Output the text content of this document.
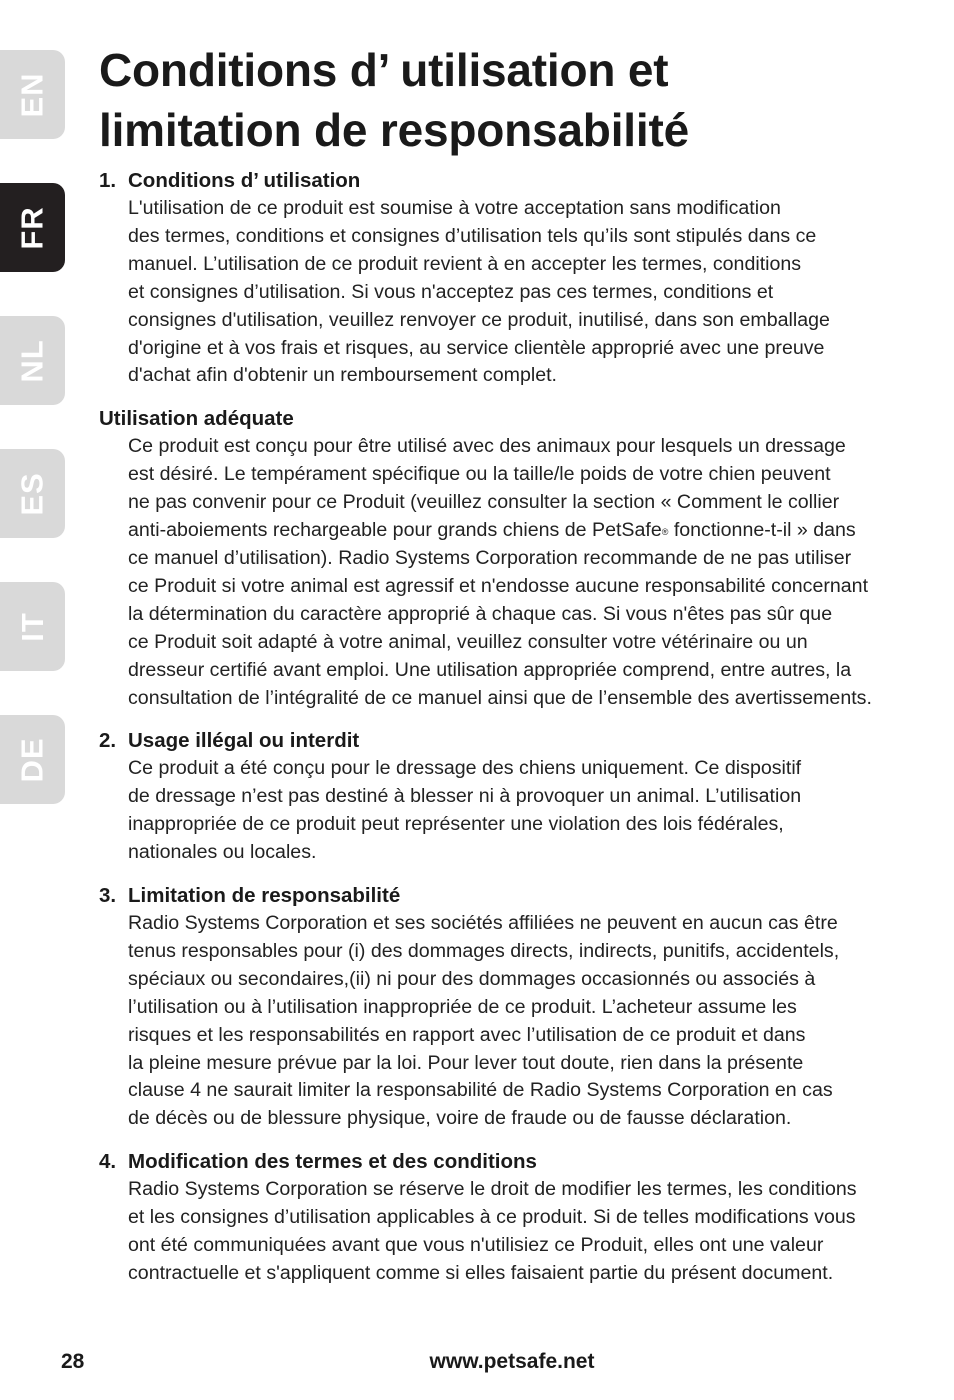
EN
FR
NL
ES
IT
DE
Conditions d’ utilisation et
limitation de responsabilité
1. Conditions d’ utilisation
L'utilisation de ce produit est soumise à votre acceptation sans modification
des termes, conditions et consignes d’utilisation tels qu’ils sont stipulés dans ce
manuel. L’utilisation de ce produit revient à en accepter les termes, conditions
et consignes d’utilisation. Si vous n'acceptez pas ces termes, conditions et
consignes d'utilisation, veuillez renvoyer ce produit, inutilisé, dans son emballage
d'origine et à vos frais et risques, au service clientèle approprié avec une preuve
d'achat afin d'obtenir un remboursement complet.
Utilisation adéquate
Ce produit est conçu pour être utilisé avec des animaux pour lesquels un dressage
est désiré. Le tempérament spécifique ou la taille/le poids de votre chien peuvent
ne pas convenir pour ce Produit (veuillez consulter la section « Comment le collier
anti-aboiements rechargeable pour grands chiens de PetSafe® fonctionne-t-il » dans
ce manuel d’utilisation). Radio Systems Corporation recommande de ne pas utiliser
ce Produit si votre animal est agressif et n'endosse aucune responsabilité concernant
la détermination du caractère approprié à chaque cas. Si vous n'êtes pas sûr que
ce Produit soit adapté à votre animal, veuillez consulter votre vétérinaire ou un
dresseur certifié avant emploi. Une utilisation appropriée comprend, entre autres, la
consultation de l’intégralité de ce manuel ainsi que de l’ensemble des avertissements.
2. Usage illégal ou interdit
Ce produit a été conçu pour le dressage des chiens uniquement. Ce dispositif
de dressage n’est pas destiné à blesser ni à provoquer un animal. L’utilisation
inappropriée de ce produit peut représenter une violation des lois fédérales,
nationales ou locales.
3. Limitation de responsabilité
Radio Systems Corporation et ses sociétés affiliées ne peuvent en aucun cas être
tenus responsables pour (i) des dommages directs, indirects, punitifs, accidentels,
spéciaux ou secondaires,(ii) ni pour des dommages occasionnés ou associés à
l’utilisation ou à l’utilisation inappropriée de ce produit. L’acheteur assume les
risques et les responsabilités en rapport avec l’utilisation de ce produit et dans
la pleine mesure prévue par la loi. Pour lever tout doute, rien dans la présente
clause 4 ne saurait limiter la responsabilité de Radio Systems Corporation en cas
de décès ou de blessure physique, voire de fraude ou de fausse déclaration.
4. Modification des termes et des conditions
Radio Systems Corporation se réserve le droit de modifier les termes, les conditions
et les consignes d’utilisation applicables à ce produit. Si de telles modifications vous
ont été communiquées avant que vous n'utilisiez ce Produit, elles ont une valeur
contractuelle et s'appliquent comme si elles faisaient partie du présent document.
28	www.petsafe.net
